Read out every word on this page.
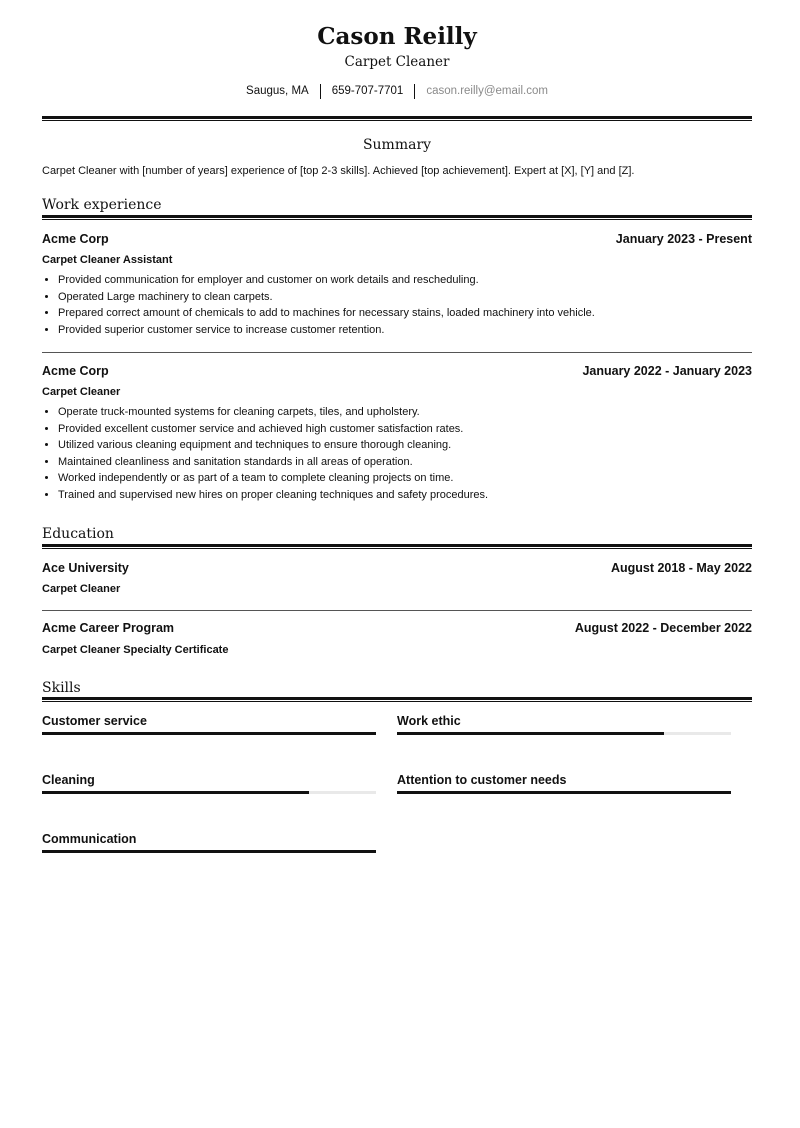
Cason Reilly
Carpet Cleaner
Saugus, MA 659-707-7701 cason.reilly@email.com
Summary
Carpet Cleaner with [number of years] experience of [top 2-3 skills]. Achieved [top achievement]. Expert at [X], [Y] and [Z].
Work experience
Acme Corp	January 2023 - Present
Carpet Cleaner Assistant
• Provided communication for employer and customer on work details and rescheduling.
• Operated Large machinery to clean carpets.
• Prepared correct amount of chemicals to add to machines for necessary stains, loaded machinery into vehicle.
• Provided superior customer service to increase customer retention.
Acme Corp	January 2022 - January 2023
Carpet Cleaner
• Operate truck-mounted systems for cleaning carpets, tiles, and upholstery.
• Provided excellent customer service and achieved high customer satisfaction rates.
• Utilized various cleaning equipment and techniques to ensure thorough cleaning.
• Maintained cleanliness and sanitation standards in all areas of operation.
• Worked independently or as part of a team to complete cleaning projects on time.
• Trained and supervised new hires on proper cleaning techniques and safety procedures.
Education
Ace University	August 2018 - May 2022
Carpet Cleaner
Acme Career Program	August 2022 - December 2022
Carpet Cleaner Specialty Certificate
Skills
Customer service	Work ethic
Cleaning	Attention to customer needs
Communication
